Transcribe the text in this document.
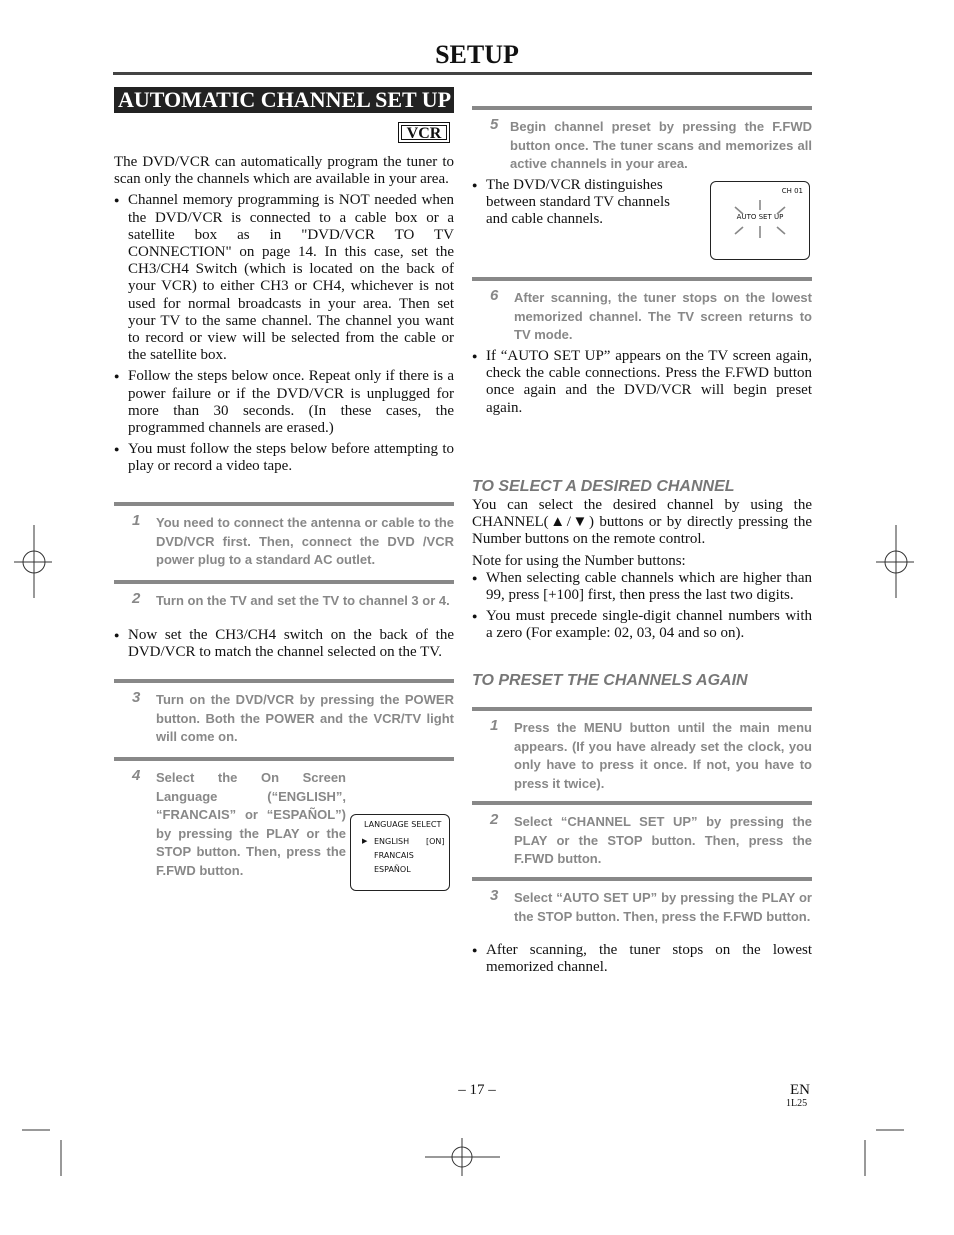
SETUP
AUTOMATIC CHANNEL SET UP
VCR
The DVD/VCR can automatically program the tuner to scan only the channels which are available in your area.
● Channel memory programming is NOT needed when the DVD/VCR is connected to a cable box or a satellite box as in "DVD/VCR TO TV CONNECTION" on page 14. In this case, set the CH3/CH4 Switch (which is located on the back of your VCR) to either CH3 or CH4, whichever is not used for normal broadcasts in your area. Then set your TV to the same channel. The channel you want to record or view will be selected from the cable or the satellite box.
● Follow the steps below once. Repeat only if there is a power failure or if the DVD/VCR is unplugged for more than 30 seconds. (In these cases, the programmed channels are erased.)
● You must follow the steps below before attempting to play or record a video tape.
1 You need to connect the antenna or cable to the DVD/VCR first. Then, connect the DVD /VCR power plug to a standard AC outlet.
2 Turn on the TV and set the TV to channel 3 or 4.
● Now set the CH3/CH4 switch on the back of the DVD/VCR to match the channel selected on the TV.
3 Turn on the DVD/VCR by pressing the POWER button. Both the POWER and the VCR/TV light will come on.
4 Select the On Screen Language (“ENGLISH”, “FRANCAIS” or “ESPAÑOL”) by pressing the PLAY or the STOP button. Then, press the F.FWD button.
LANGUAGE SELECT
▶ ENGLISH [ON]
FRANCAIS
ESPAÑOL
5 Begin channel preset by pressing the F.FWD button once. The tuner scans and memorizes all active channels in your area.
● The DVD/VCR distinguishes between standard TV channels and cable channels.
CH 01
AUTO SET UP
6 After scanning, the tuner stops on the lowest memorized channel. The TV screen returns to TV mode.
● If “AUTO SET UP” appears on the TV screen again, check the cable connections. Press the F.FWD button once again and the DVD/VCR will begin preset again.
TO SELECT A DESIRED CHANNEL
You can select the desired channel by using the CHANNEL(▲/▼) buttons or by directly pressing the Number buttons on the remote control.
Note for using the Number buttons:
● When selecting cable channels which are higher than 99, press [+100] first, then press the last two digits.
● You must precede single-digit channel numbers with a zero (For example: 02, 03, 04 and so on).
TO PRESET THE CHANNELS AGAIN
1 Press the MENU button until the main menu appears. (If you have already set the clock, you only have to press it once. If not, you have to press it twice).
2 Select “CHANNEL SET UP” by pressing the PLAY or the STOP button. Then, press the F.FWD button.
3 Select “AUTO SET UP” by pressing the PLAY or the STOP button. Then, press the F.FWD button.
● After scanning, the tuner stops on the lowest memorized channel.
– 17 –	EN
1L25
